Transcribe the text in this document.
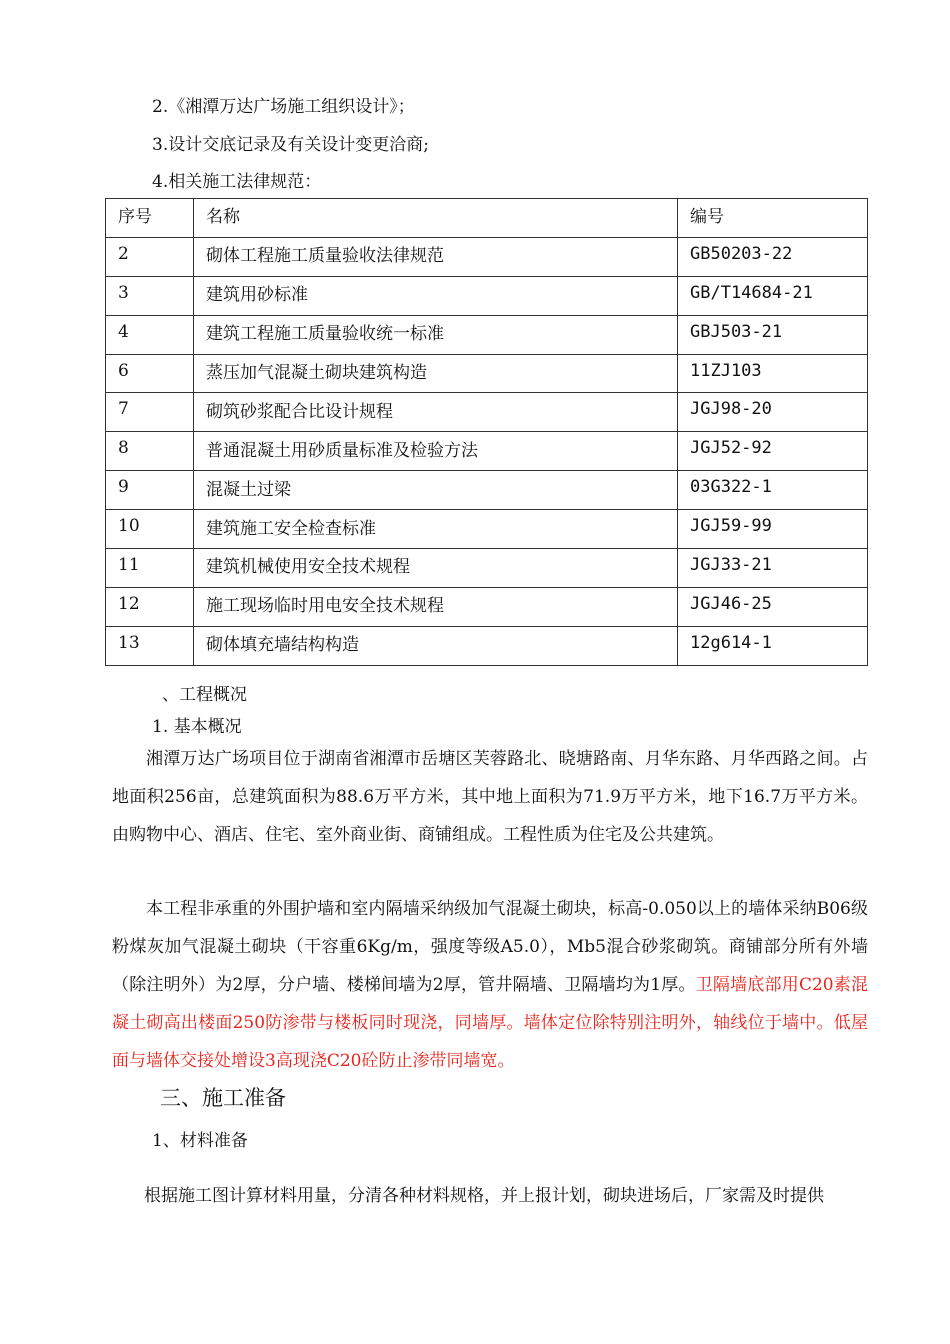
2.《湘潭万达广场施工组织设计》；
3.设计交底记录及有关设计变更洽商;
4.相关施工法律规范：
序号	名称	编号
2	砌体工程施工质量验收法律规范	GB50203-22
3	建筑用砂标准	GB/T14684-21
4	建筑工程施工质量验收统一标准	GBJ503-21
6	蒸压加气混凝土砌块建筑构造	11ZJ103
7	砌筑砂浆配合比设计规程	JGJ98-20
8	普通混凝土用砂质量标准及检验方法	JGJ52-92
9	混凝土过梁	03G322-1
10	建筑施工安全检查标准	JGJ59-99
11	建筑机械使用安全技术规程	JGJ33-21
12	施工现场临时用电安全技术规程	JGJ46-25
13	砌体填充墙结构构造	12g614-1
、工程概况
1. 基本概况
湘潭万达广场项目位于湖南省湘潭市岳塘区芙蓉路北、晓塘路南、月华东路、月华西路之间。占地面积256亩，总建筑面积为88.6万平方米，其中地上面积为71.9万平方米，地下16.7万平方米。由购物中心、酒店、住宅、室外商业街、商铺组成。工程性质为住宅及公共建筑。
本工程非承重的外围护墙和室内隔墙采纳级加气混凝土砌块，标高-0.050以上的墙体采纳B06级粉煤灰加气混凝土砌块（干容重6Kg/m，强度等级A5.0），Mb5混合砂浆砌筑。商铺部分所有外墙（除注明外）为2厚，分户墙、楼梯间墙为2厚，管井隔墙、卫隔墙均为1厚。卫隔墙底部用C20素混凝土砌高出楼面250防渗带与楼板同时现浇，同墙厚。墙体定位除特别注明外，轴线位于墙中。低屋面与墙体交接处增设3高现浇C20砼防止渗带同墙宽。
三、施工准备
1、材料准备
根据施工图计算材料用量，分清各种材料规格，并上报计划，砌块进场后，厂家需及时提供
